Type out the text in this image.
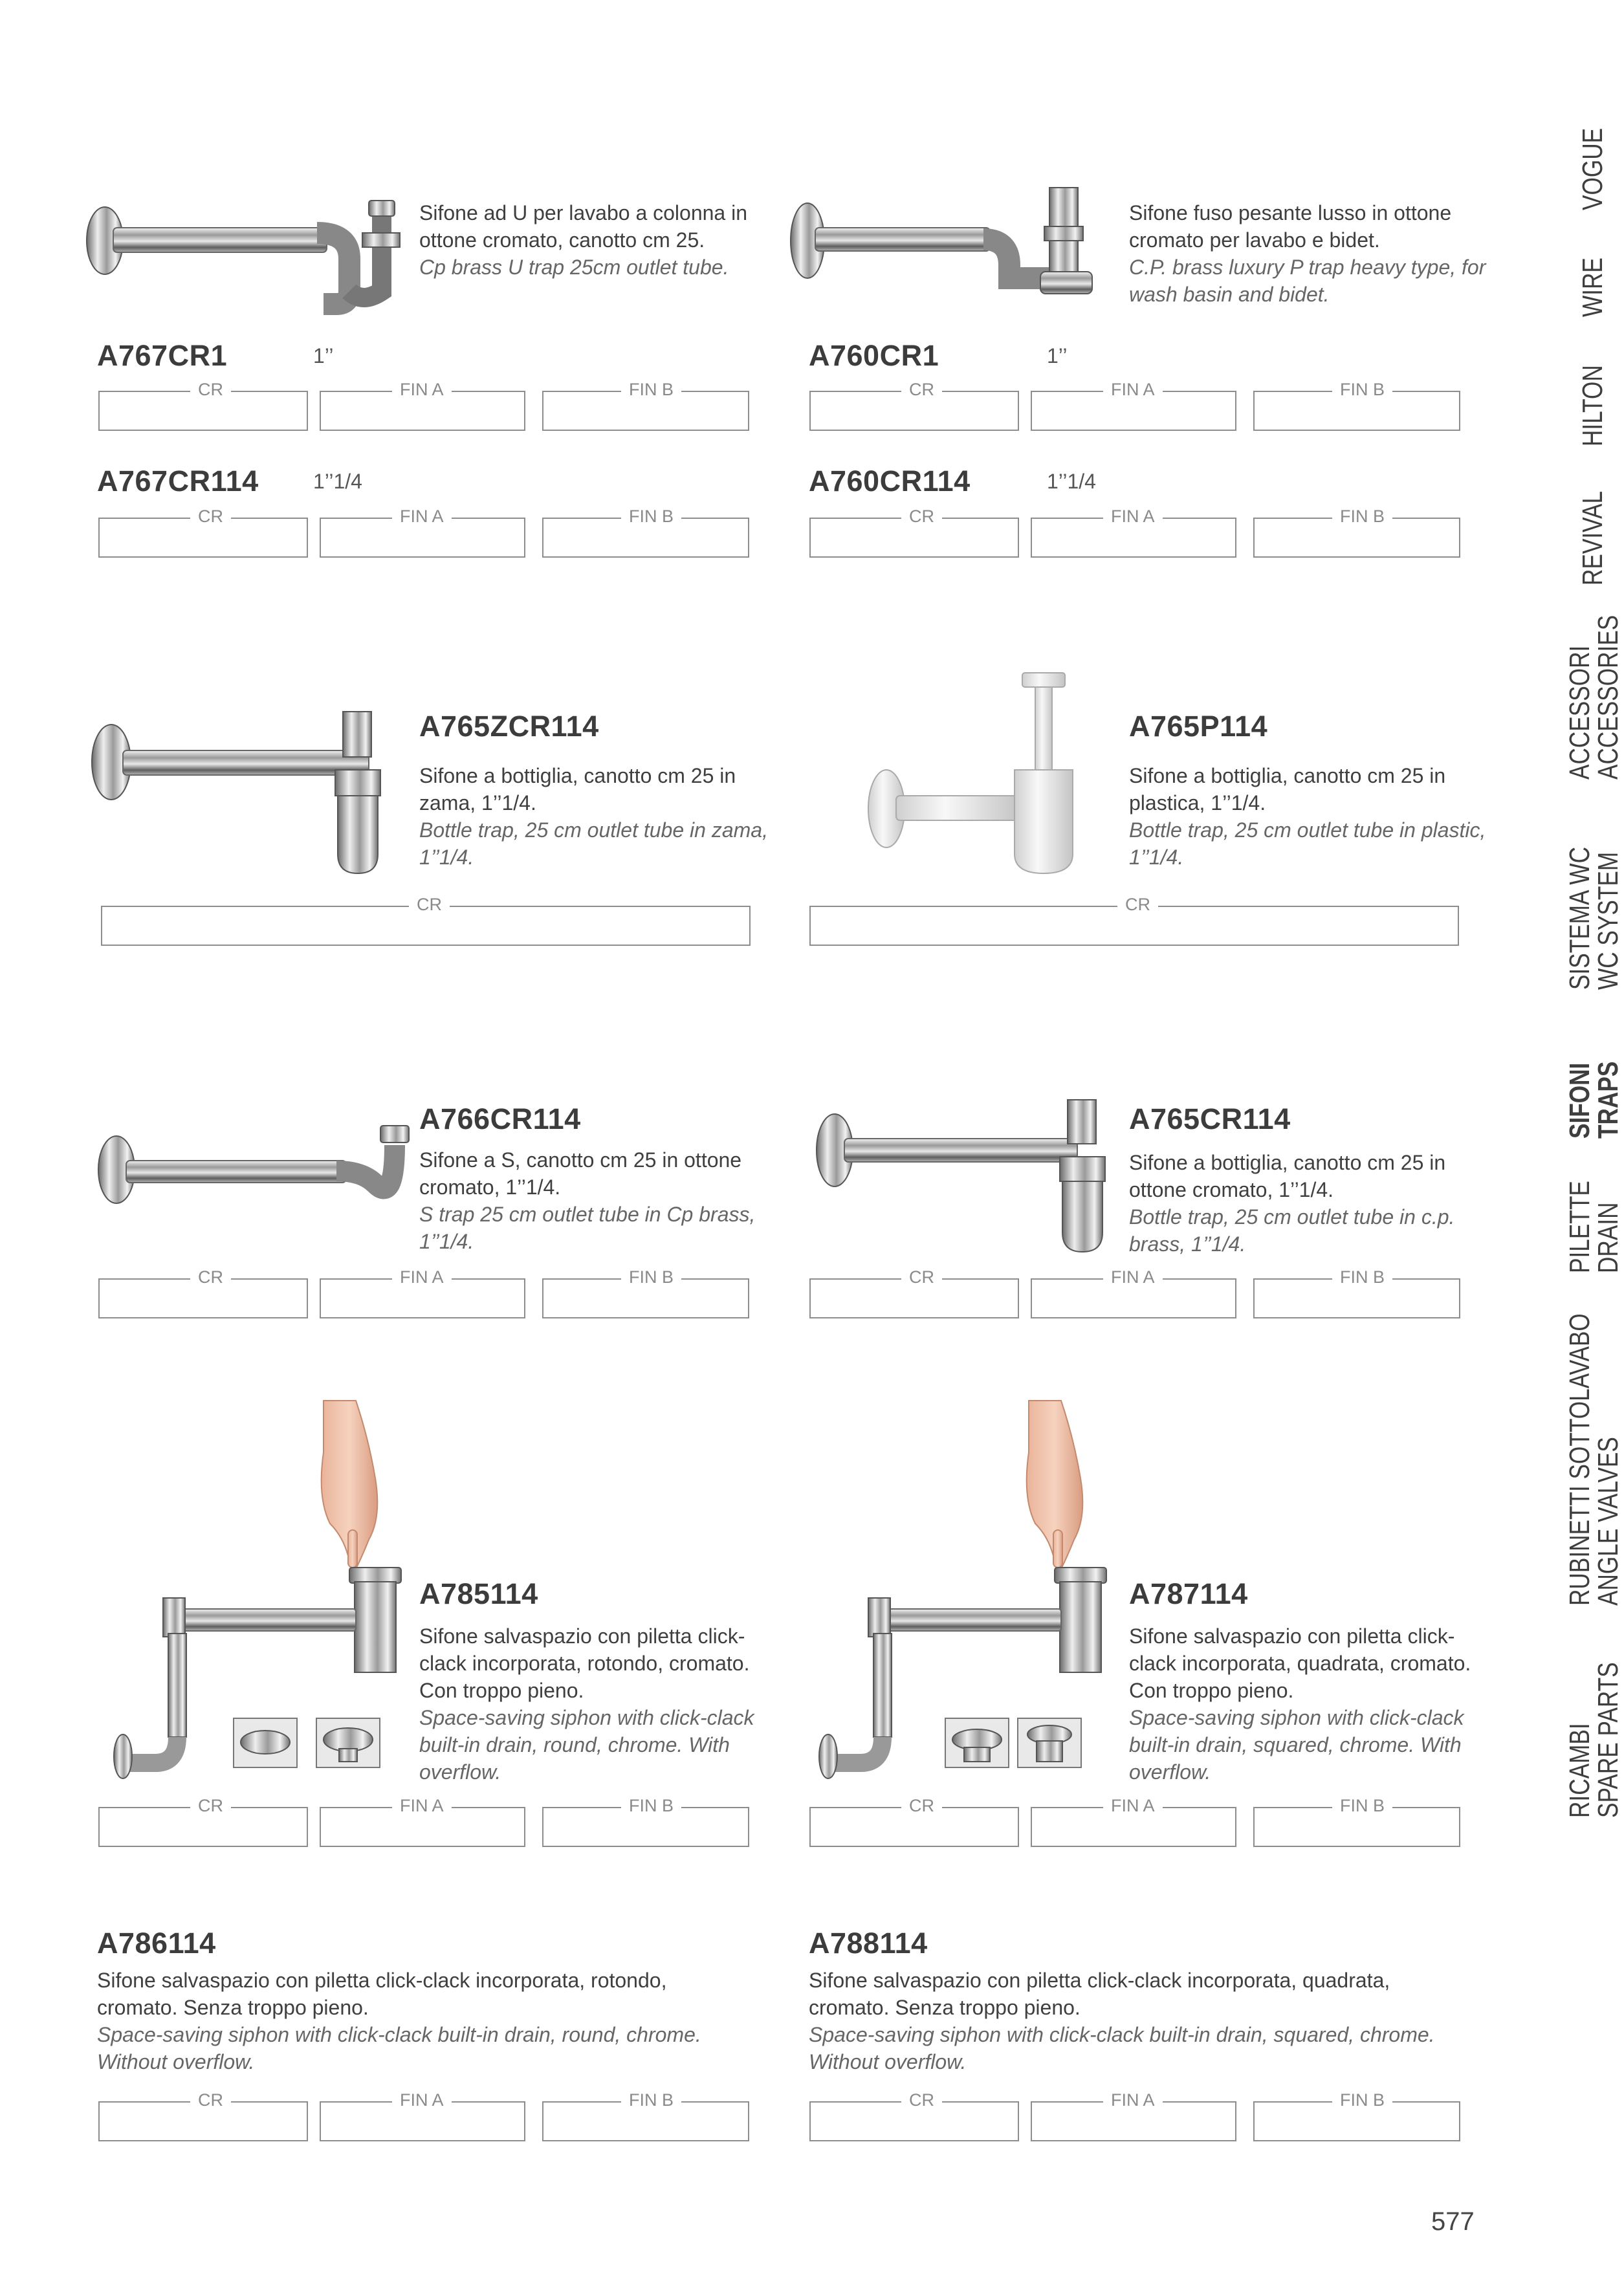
Sifone ad U per lavabo a colonna in ottone cromato, canotto cm 25.
Cp brass U trap 25cm outlet tube.
Sifone fuso pesante lusso in ottone cromato per lavabo e bidet.
C.P. brass luxury P trap heavy type, for wash basin and bidet.
A767CR1	1’’
CR	FIN A	FIN B
A760CR1	1’’
CR	FIN A	FIN B
A767CR114	1’’1/4
CR	FIN A	FIN B
A760CR114	1’’1/4
CR	FIN A	FIN B
A765ZCR114
Sifone a bottiglia, canotto cm 25 in zama, 1’’1/4.
Bottle trap, 25 cm outlet tube in zama, 1’’1/4.
CR
A765P114
Sifone a bottiglia, canotto cm 25 in plastica, 1’’1/4.
Bottle trap, 25 cm outlet tube in plastic, 1’’1/4.
CR
A766CR114
Sifone a S, canotto cm 25 in ottone cromato, 1’’1/4.
S trap 25 cm outlet tube in Cp brass, 1’’1/4.
CR	FIN A	FIN B
A765CR114
Sifone a bottiglia, canotto cm 25 in ottone cromato, 1’’1/4.
Bottle trap, 25 cm outlet tube in c.p. brass, 1’’1/4.
CR	FIN A	FIN B
A785114
Sifone salvaspazio con piletta click-clack incorporata, rotondo, cromato. Con troppo pieno.
Space-saving siphon with click-clack built-in drain, round, chrome. With overflow.
CR	FIN A	FIN B
A787114
Sifone salvaspazio con piletta click-clack incorporata, quadrata, cromato. Con troppo pieno.
Space-saving siphon with click-clack built-in drain, squared, chrome. With overflow.
CR	FIN A	FIN B
A786114
Sifone salvaspazio con piletta click-clack incorporata, rotondo, cromato. Senza troppo pieno.
Space-saving siphon with click-clack built-in drain, round, chrome. Without overflow.
CR	FIN A	FIN B
A788114
Sifone salvaspazio con piletta click-clack incorporata, quadrata, cromato. Senza troppo pieno.
Space-saving siphon with click-clack built-in drain, squared, chrome. Without overflow.
CR	FIN A	FIN B
VOGUE
WIRE
HILTON
REVIVAL
ACCESSORI
ACCESSORIES
SISTEMA WC
WC SYSTEM
SIFONI
TRAPS
PILETTE
DRAIN
RUBINETTI SOTTOLAVABO
ANGLE VALVES
RICAMBI
SPARE PARTS
577
